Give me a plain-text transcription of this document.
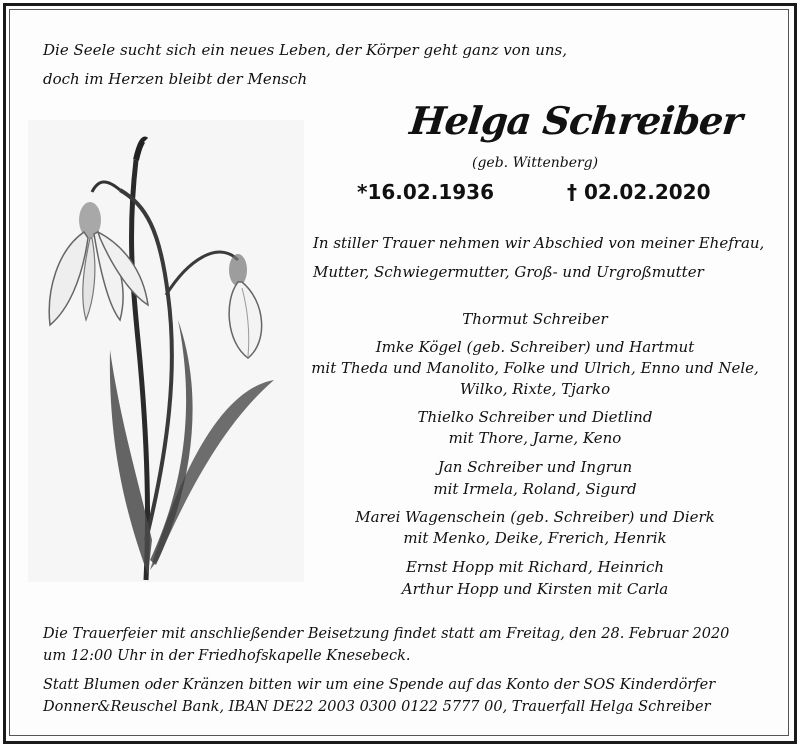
Die Seele sucht sich ein neues Leben, der Körper geht ganz von uns,
doch im Herzen bleibt der Mensch
Helga Schreiber
(geb. Wittenberg)
*16.02.1936	† 02.02.2020
In stiller Trauer nehmen wir Abschied von meiner Ehefrau,
Mutter, Schwiegermutter, Groß- und Urgroßmutter
Thormut Schreiber
Imke Kögel (geb. Schreiber) und Hartmut
mit Theda und Manolito, Folke und Ulrich, Enno und Nele,
Wilko, Rixte, Tjarko
Thielko Schreiber und Dietlind
mit Thore, Jarne, Keno
Jan Schreiber und Ingrun
mit Irmela, Roland, Sigurd
Marei Wagenschein (geb. Schreiber) und Dierk
mit Menko, Deike, Frerich, Henrik
Ernst Hopp mit Richard, Heinrich
Arthur Hopp und Kirsten mit Carla
Die Trauerfeier mit anschließender Beisetzung findet statt am Freitag, den 28. Februar 2020
um 12:00 Uhr in der Friedhofskapelle Knesebeck.
Statt Blumen oder Kränzen bitten wir um eine Spende auf das Konto der SOS Kinderdörfer
Donner&Reuschel Bank, IBAN DE22 2003 0300 0122 5777 00, Trauerfall Helga Schreiber
